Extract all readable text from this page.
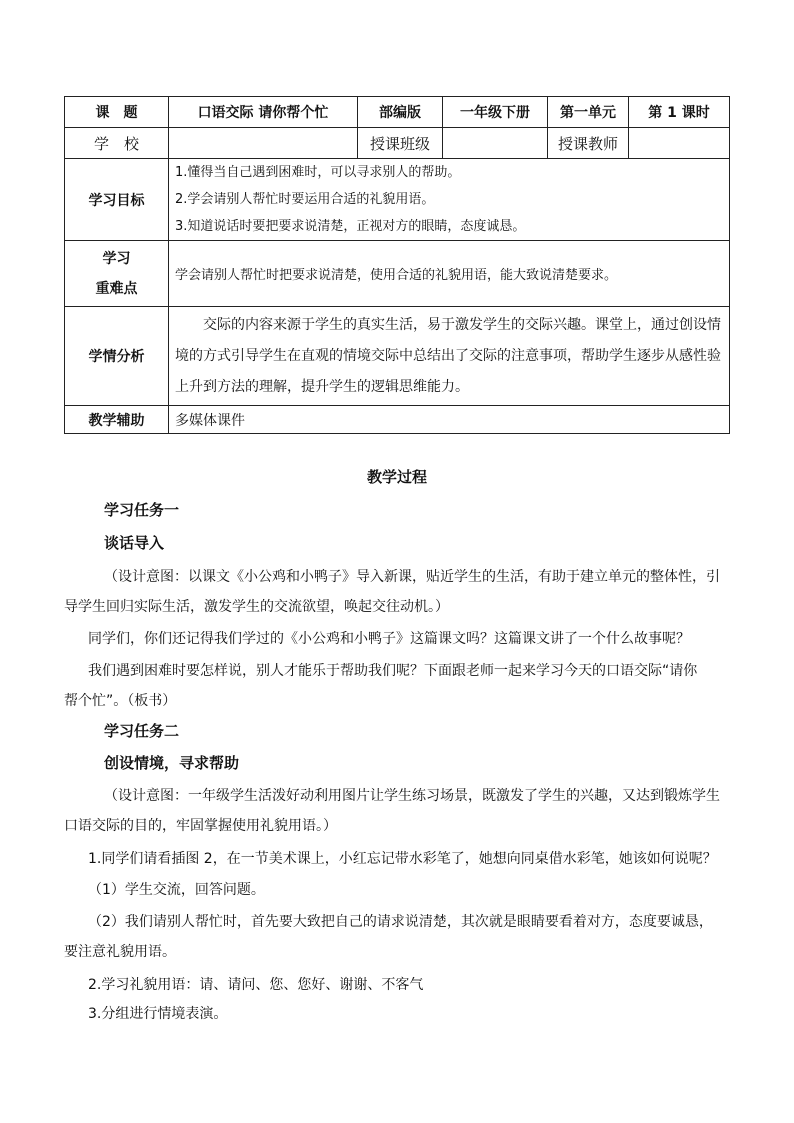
课　题	口语交际 请你帮个忙	部编版	一年级下册	第一单元	第 1 课时
学　校		授课班级		授课教师	
学习目标	1.懂得当自己遇到困难时，可以寻求别人的帮助。
2.学会请别人帮忙时要运用合适的礼貌用语。
3.知道说话时要把要求说清楚，正视对方的眼睛，态度诚恳。				

学习
重难点	学会请别人帮忙时把要求说清楚，使用合适的礼貌用语，能大致说清楚要求。				
学情分析	交际的内容来源于学生的真实生活，易于激发学生的交际兴趣。课堂上，通过创设情境的方式引导学生在直观的情境交际中总结出了交际的注意事项，帮助学生逐步从感性验上升到方法的理解，提升学生的逻辑思维能力。				
教学辅助	多媒体课件				
教学过程
学习任务一
谈话导入
（设计意图：以课文《小公鸡和小鸭子》导入新课，贴近学生的生活，有助于建立单元的整体性，引
导学生回归实际生活，激发学生的交流欲望，唤起交往动机。）
同学们，你们还记得我们学过的《小公鸡和小鸭子》这篇课文吗？这篇课文讲了一个什么故事呢？
我们遇到困难时要怎样说，别人才能乐于帮助我们呢？下面跟老师一起来学习今天的口语交际“请你
帮个忙”。（板书）
学习任务二
创设情境，寻求帮助
（设计意图：一年级学生活泼好动利用图片让学生练习场景，既激发了学生的兴趣，又达到锻炼学生
口语交际的目的，牢固掌握使用礼貌用语。）
1.同学们请看插图 2，在一节美术课上，小红忘记带水彩笔了，她想向同桌借水彩笔，她该如何说呢？
（1）学生交流，回答问题。
（2）我们请别人帮忙时，首先要大致把自己的请求说清楚，其次就是眼睛要看着对方，态度要诚恳，
要注意礼貌用语。
2.学习礼貌用语：请、请问、您、您好、谢谢、不客气
3.分组进行情境表演。
